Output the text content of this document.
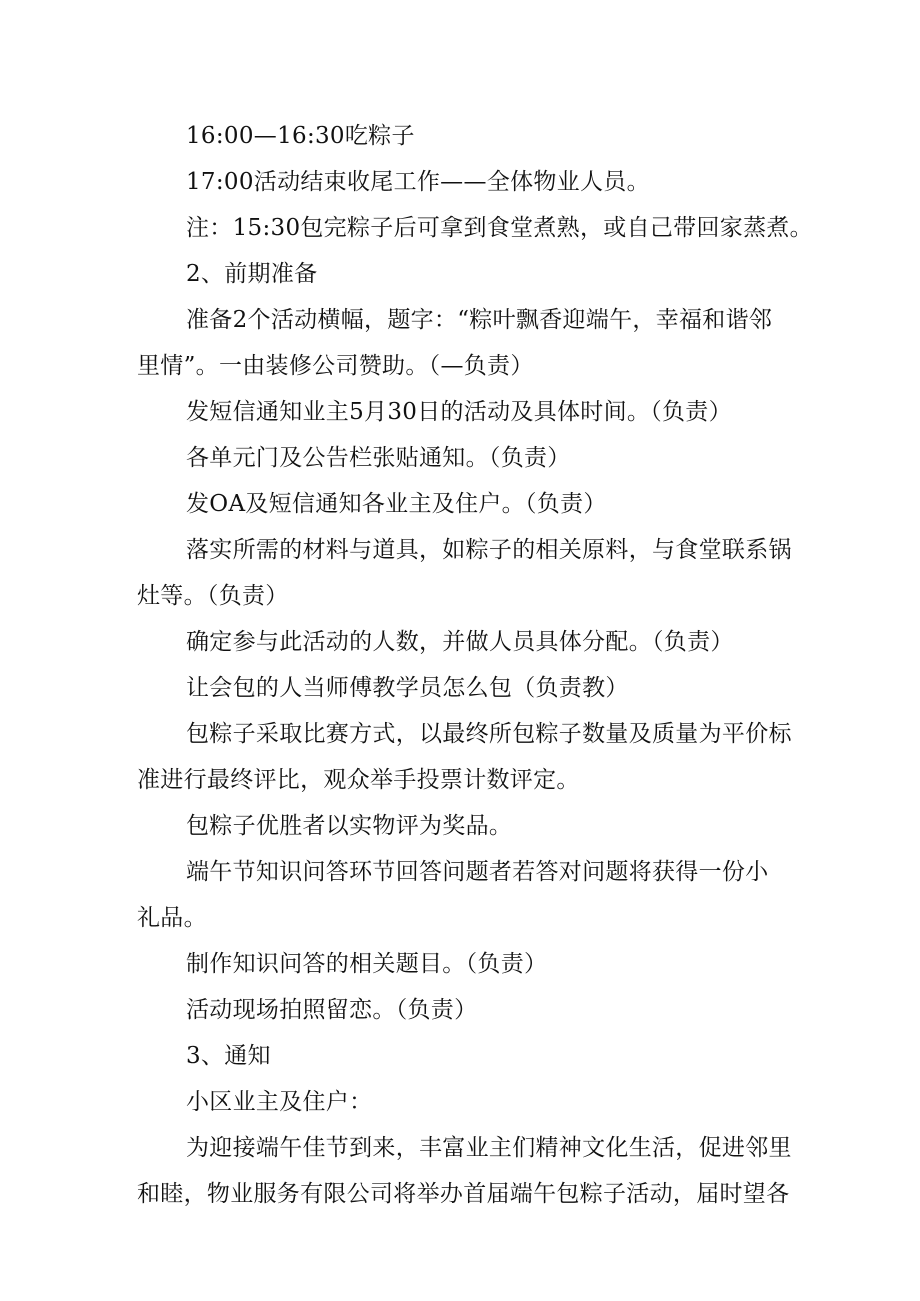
16:00—16:30吃粽子
17:00活动结束收尾工作——全体物业人员。
注：15:30包完粽子后可拿到食堂煮熟，或自己带回家蒸煮。
2、前期准备
准备2个活动横幅，题字：“粽叶飘香迎端午，幸福和谐邻
里情”。一由装修公司赞助。（—负责）
发短信通知业主5月30日的活动及具体时间。（负责）
各单元门及公告栏张贴通知。（负责）
发OA及短信通知各业主及住户。（负责）
落实所需的材料与道具，如粽子的相关原料，与食堂联系锅
灶等。（负责）
确定参与此活动的人数，并做人员具体分配。（负责）
让会包的人当师傅教学员怎么包（负责教）
包粽子采取比赛方式，以最终所包粽子数量及质量为平价标
准进行最终评比，观众举手投票计数评定。
包粽子优胜者以实物评为奖品。
端午节知识问答环节回答问题者若答对问题将获得一份小
礼品。
制作知识问答的相关题目。（负责）
活动现场拍照留恋。（负责）
3、通知
小区业主及住户：
为迎接端午佳节到来，丰富业主们精神文化生活，促进邻里
和睦，物业服务有限公司将举办首届端午包粽子活动，届时望各
